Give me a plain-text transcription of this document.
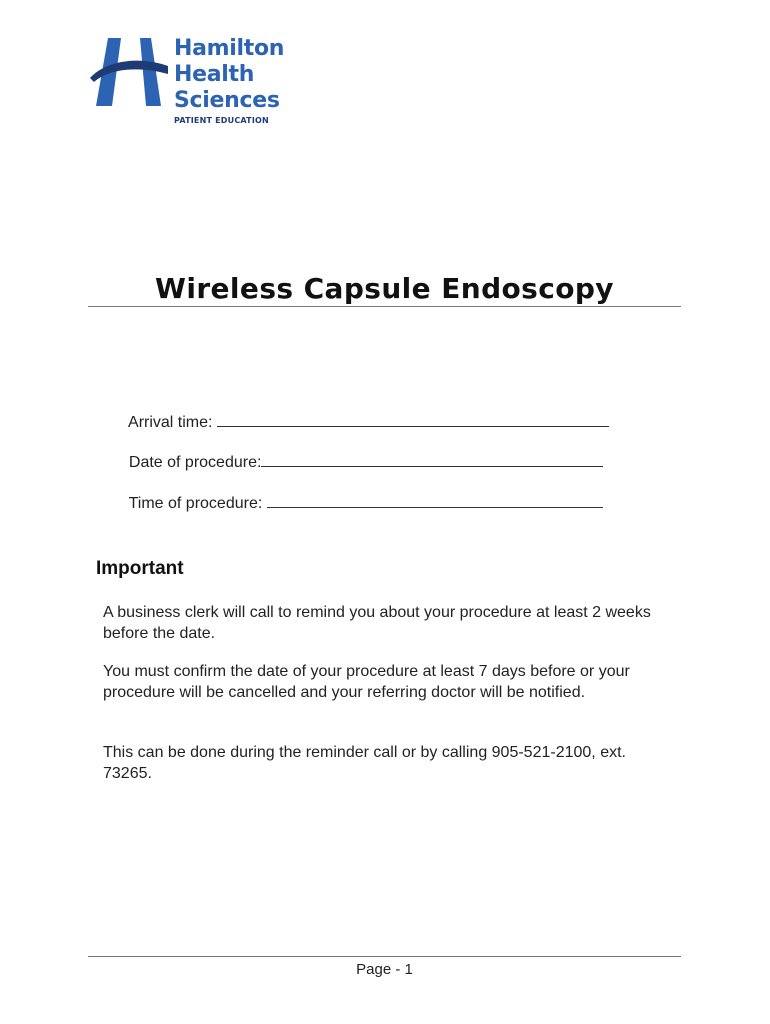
Hamilton
Health
Sciences
PATIENT EDUCATION
Wireless Capsule Endoscopy

Arrival time:

Date of procedure:

Time of procedure:

Important
A business clerk will call to remind you about your procedure at least 2 weeks before the date.
You must confirm the date of your procedure at least 7 days before or your procedure will be cancelled and your referring doctor will be notified.
This can be done during the reminder call or by calling 905-521-2100, ext. 73265.
Page - 1
